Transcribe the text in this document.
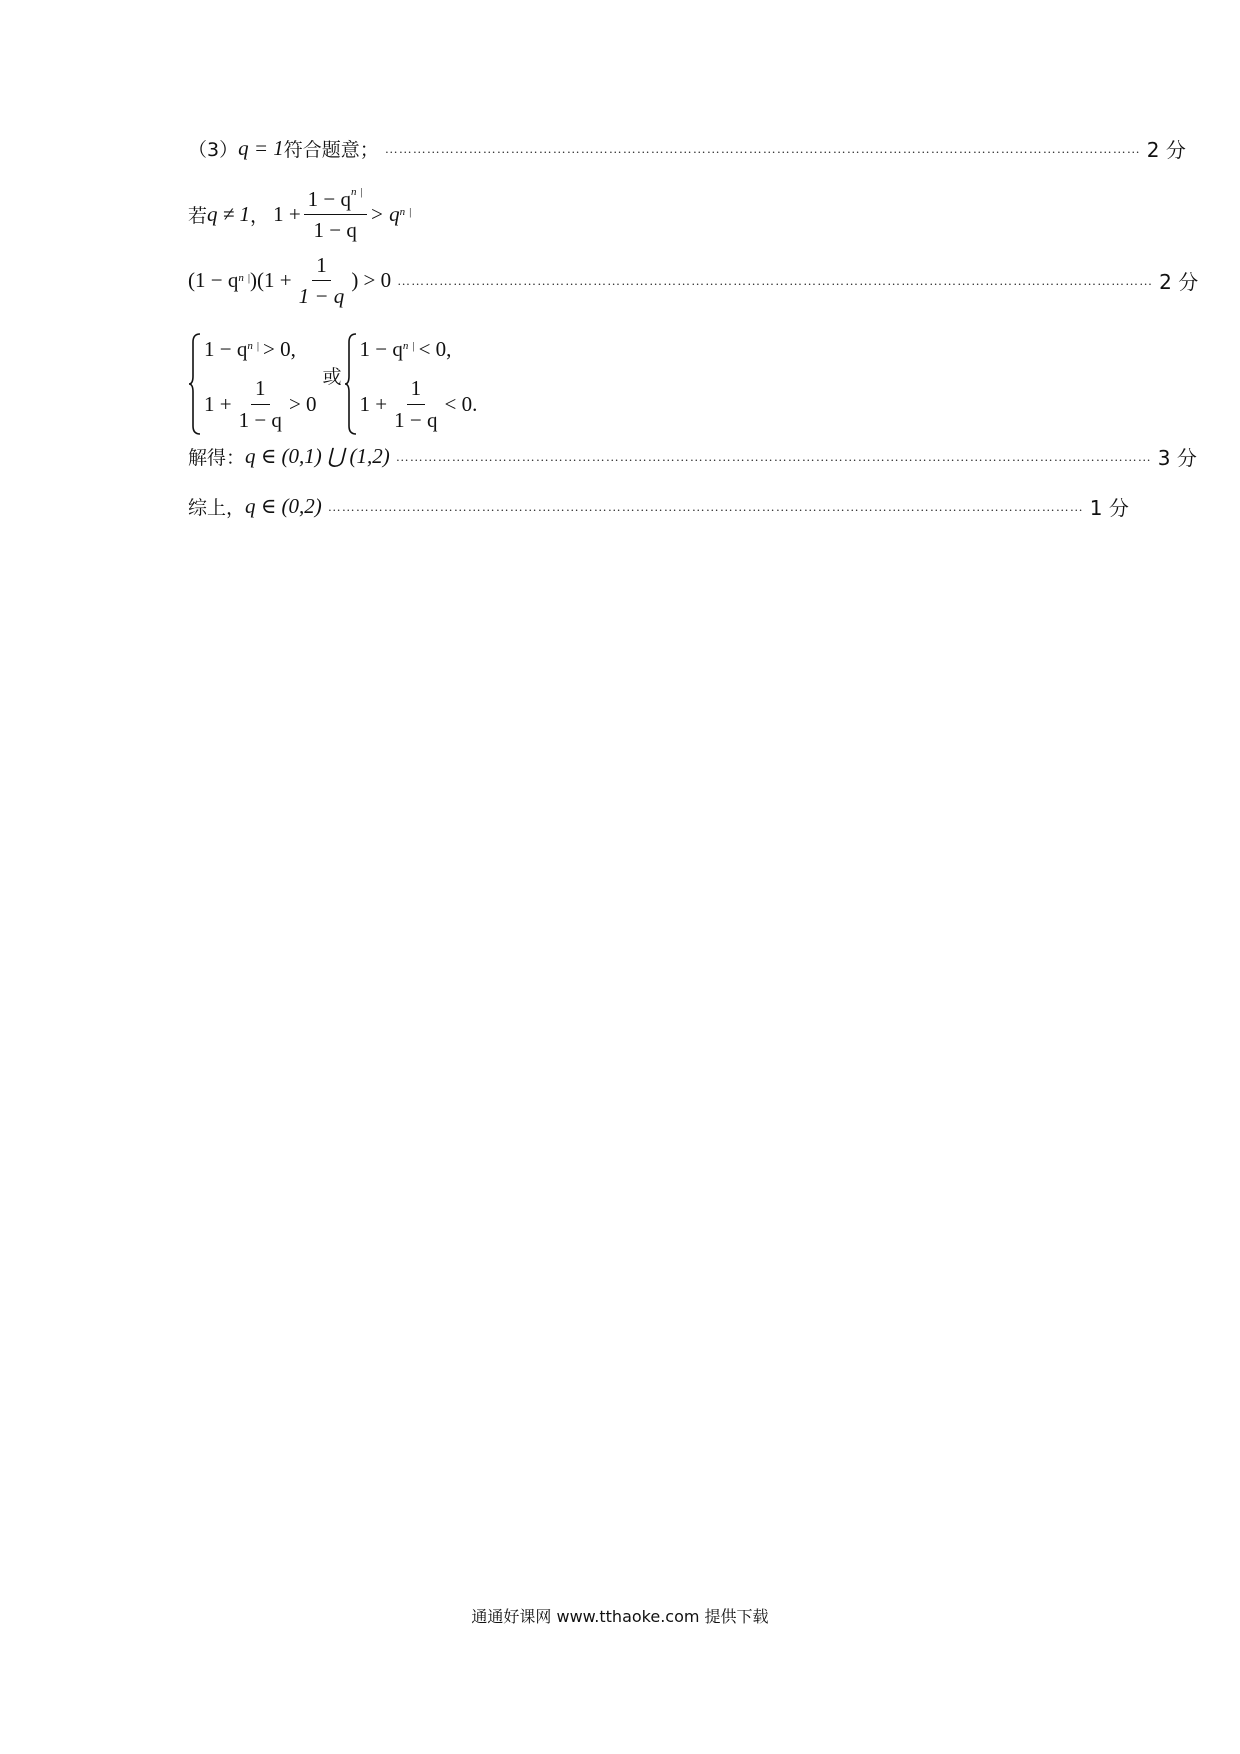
（3） q = 1 符合题意； ……………………………………………………………………………………………………………………………………………… 2 分
若 q ≠ 1 ， $1 + \frac{1 - q^{n |}}{1 - q} > q$ $^{n |}$
(1 − q $^{n |}$ )($1 + \frac{1}{1 - q}$ ) > 0 ……………………………………………………………………………………………………………………………………………… 2 分
1 − q $^{n |}$ > 0,
$1 + \frac{1}{1 - q} > 0$
或
1 − q $^{n |}$ < 0,
$1 + \frac{1}{1 - q} < 0$.
解得： q ∈ (0,1) ⋃ (1,2) ……………………………………………………………………………………………………………………………………………… 3 分
综上， q ∈ (0,2) ……………………………………………………………………………………………………………………………………………… 1 分
通通好课网 www.tthaoke.com 提供下载
